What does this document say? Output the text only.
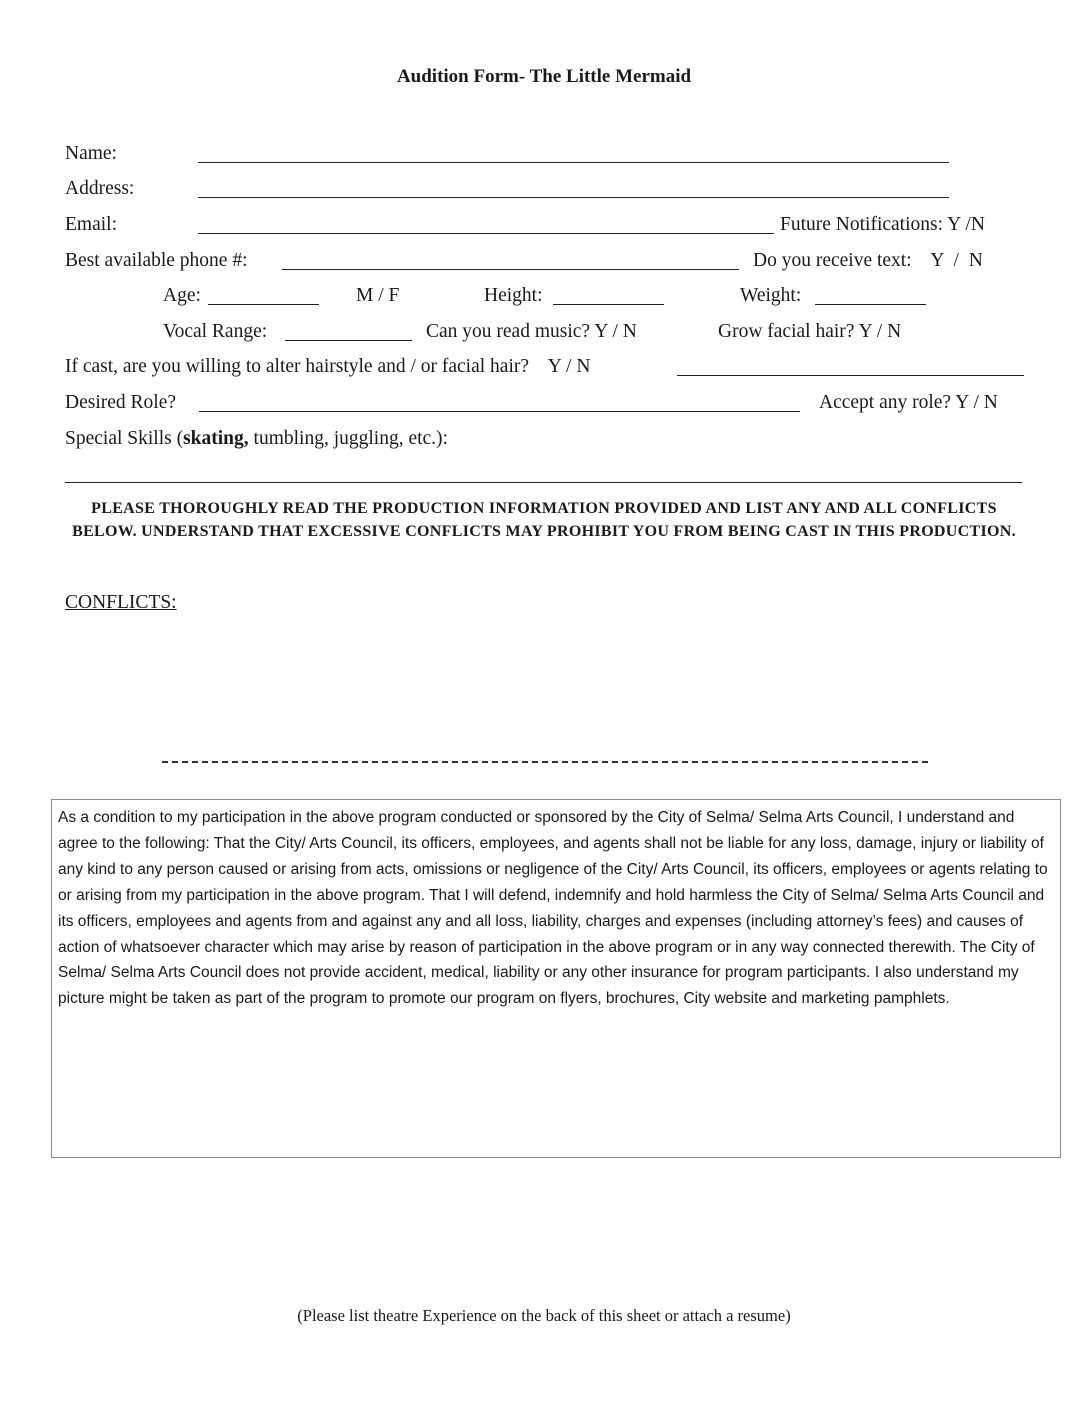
Audition Form- The Little Mermaid
Name:
Address:
Email:	Future Notifications: Y /N
Best available phone #:	Do you receive text:    Y  /  N
Age:	M / F	Height:	Weight:
Vocal Range:	Can you read music? Y / N	Grow facial hair? Y / N
If cast, are you willing to alter hairstyle and / or facial hair?    Y / N
Desired Role?	Accept any role? Y / N
Special Skills (skating, tumbling, juggling, etc.):
PLEASE THOROUGHLY READ THE PRODUCTION INFORMATION PROVIDED AND LIST ANY AND ALL CONFLICTS BELOW. UNDERSTAND THAT EXCESSIVE CONFLICTS MAY PROHIBIT YOU FROM BEING CAST IN THIS PRODUCTION.
CONFLICTS:
As a condition to my participation in the above program conducted or sponsored by the City of Selma/ Selma Arts Council, I understand and agree to the following: That the City/ Arts Council, its officers, employees, and agents shall not be liable for any loss, damage, injury or liability of any kind to any person caused or arising from acts, omissions or negligence of the City/ Arts Council, its officers, employees or agents relating to or arising from my participation in the above program. That I will defend, indemnify and hold harmless the City of Selma/ Selma Arts Council and its officers, employees and agents from and against any and all loss, liability, charges and expenses (including attorney’s fees) and causes of action of whatsoever character which may arise by reason of participation in the above program or in any way connected therewith. The City of Selma/ Selma Arts Council does not provide accident, medical, liability or any other insurance for program participants. I also understand my picture might be taken as part of the program to promote our program on flyers, brochures, City website and marketing pamphlets.
(Please list theatre Experience on the back of this sheet or attach a resume)
